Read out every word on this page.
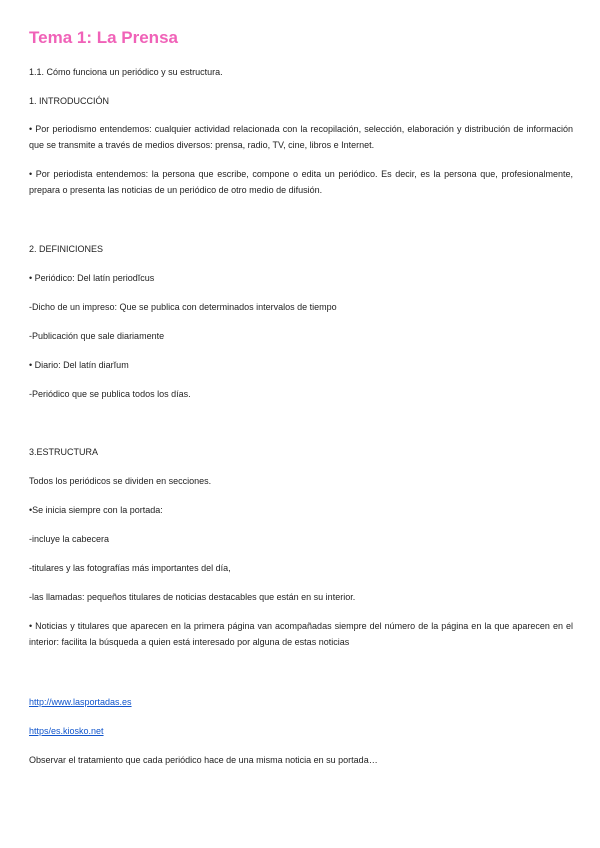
Tema 1: La Prensa

1.1. Cómo funciona un periódico y su estructura.

1. INTRODUCCIÓN

• Por periodismo entendemos: cualquier actividad relacionada con la recopilación, selección, elaboración y distribución de información que se transmite a través de medios diversos: prensa, radio, TV, cine, libros e Internet.

• Por periodista entendemos: la persona que escribe, compone o edita un periódico. Es decir, es la persona que, profesionalmente, prepara o presenta las noticias de un periódico de otro medio de difusión.

2. DEFINICIONES

• Periódico: Del latín periodĭcus

-Dicho de un impreso: Que se publica con determinados intervalos de tiempo

-Publicación que sale diariamente

• Diario: Del latín diarĭum

-Periódico que se publica todos los días.

3.ESTRUCTURA

Todos los periódicos se dividen en secciones.

•Se inicia siempre con la portada:

-incluye la cabecera

-titulares y las fotografías más importantes del día,

-las llamadas: pequeños titulares de noticias destacables que están en su interior.

• Noticias y titulares que aparecen en la primera página van acompañadas siempre del número de la página en la que aparecen en el interior: facilita la búsqueda a quien está interesado por alguna de estas noticias

http://www.lasportadas.es

https/es.kiosko.net

Observar el tratamiento que cada periódico hace de una misma noticia en su portada…
